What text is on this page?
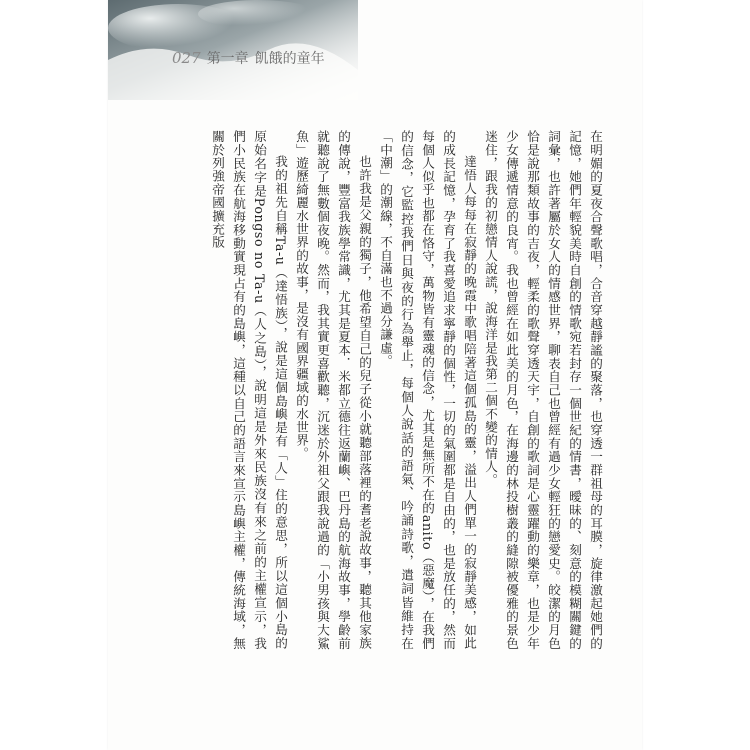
027 第一章 飢餓的童年

在明媚的夏夜合聲歌唱，合音穿越靜謐的聚落，也穿透一群祖母的耳膜，旋律激起她們的記憶，她們年輕貌美時自創的情歌宛若封存一個世紀的情書，曖昧的、刻意的模糊關鍵的詞彙，也許著屬於女人的情感世界，聊表自己也曾經有過少女輕狂的戀愛史。皎潔的月色恰是說那類故事的吉夜，輕柔的歌聲穿透天宇，自創的歌詞是心靈躍動的樂章，也是少年少女傳遞情意的良宵。我也曾經在如此美的月色，在海邊的林投樹叢的縫隙被優雅的景色迷住，跟我的初戀情人說謊，說海洋是我第二個不變的情人。

達悟人每每在寂靜的晚霞中歌唱陪著這個孤島的靈，溢出人們單一的寂靜美感，如此的成長記憶，孕育了我喜愛追求寧靜的個性，一切的氣圍都是自由的，也是放任的，然而每個人似乎也都在恪守，萬物皆有靈魂的信念，尤其是無所不在的anito（惡魔），在我們的信念，它監控我們日與夜的行為舉止，每個人說話的語氣、吟誦詩歌，遣詞皆維持在「中潮」的潮線，不自滿也不過分謙虛。

也許我是父親的獨子，他希望自己的兒子從小就聽部落裡的耆老說故事，聽其他家族的傳說，豐富我族學常識，尤其是夏本．米都立德往返蘭嶼、巴丹島的航海故事，學齡前就聽說了無數個夜晚。然而，我其實更喜歡聽，沉迷於外祖父跟我說過的「小男孩與大鯊魚」遊歷綺麗水世界的故事，是沒有國界疆域的水世界。

我的祖先自稱Ta-u（達悟族），說是這個島嶼是有「人」住的意思，所以這個小島的原始名字是Pongso no Ta-u（人之島），說明這是外來民族沒有來之前的主權宣示，我們小民族在航海移動實現占有的島嶼，這種以自己的語言來宣示島嶼主權，傳統海域，無關於列強帝國擴充版
